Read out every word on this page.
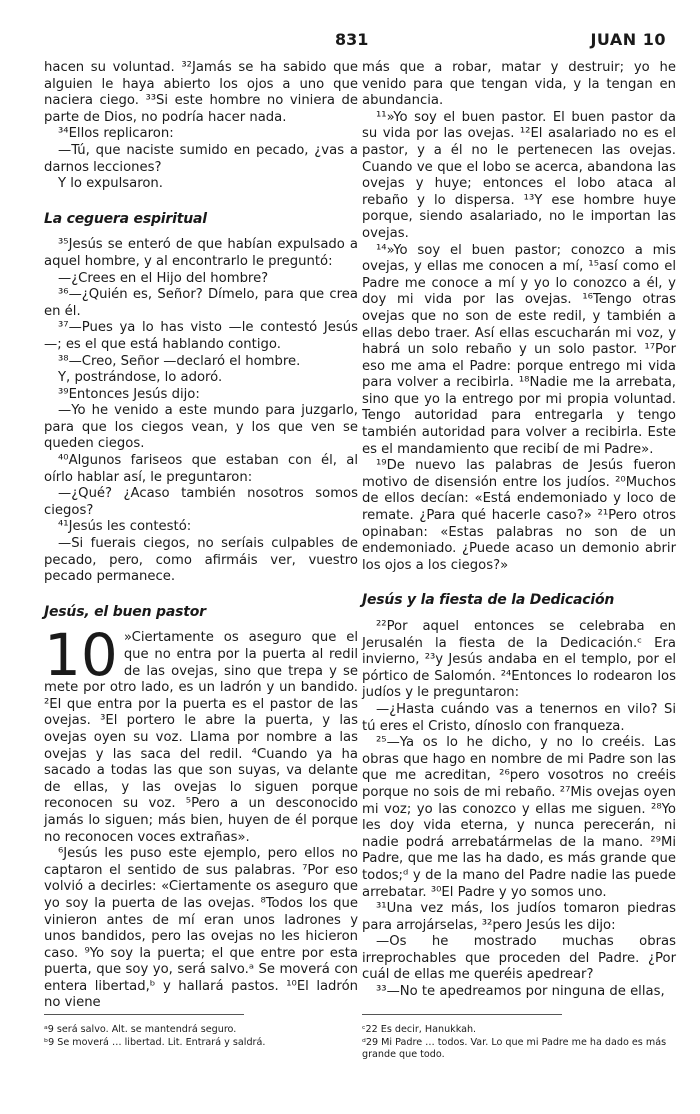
831	JUAN 10

hacen su voluntad. ³²Jamás se ha sabido que alguien le haya abierto los ojos a uno que naciera ciego. ³³Si este hombre no viniera de parte de Dios, no podría hacer nada.

³⁴Ellos replicaron:

—Tú, que naciste sumido en pecado, ¿vas a darnos lecciones?

Y lo expulsaron.

La ceguera espiritual

³⁵Jesús se enteró de que habían expulsado a aquel hombre, y al encontrarlo le preguntó:

—¿Crees en el Hijo del hombre?

³⁶—¿Quién es, Señor? Dímelo, para que crea en él.

³⁷—Pues ya lo has visto —le contestó Jesús—; es el que está hablando contigo.

³⁸—Creo, Señor —declaró el hombre.

Y, postrándose, lo adoró.

³⁹Entonces Jesús dijo:

—Yo he venido a este mundo para juzgarlo, para que los ciegos vean, y los que ven se queden ciegos.

⁴⁰Algunos fariseos que estaban con él, al oírlo hablar así, le preguntaron:

—¿Qué? ¿Acaso también nosotros somos ciegos?

⁴¹Jesús les contestó:

—Si fuerais ciegos, no seríais culpables de pecado, pero, como afirmáis ver, vuestro pecado permanece.

Jesús, el buen pastor

10 »Ciertamente os aseguro que el que no entra por la puerta al redil de las ovejas, sino que trepa y se mete por otro lado, es un ladrón y un bandido. ²El que entra por la puerta es el pastor de las ovejas. ³El portero le abre la puerta, y las ovejas oyen su voz. Llama por nombre a las ovejas y las saca del redil. ⁴Cuando ya ha sacado a todas las que son suyas, va delante de ellas, y las ovejas lo siguen porque reconocen su voz. ⁵Pero a un desconocido jamás lo siguen; más bien, huyen de él porque no reconocen voces extrañas».

⁶Jesús les puso este ejemplo, pero ellos no captaron el sentido de sus palabras. ⁷Por eso volvió a decirles: «Ciertamente os aseguro que yo soy la puerta de las ovejas. ⁸Todos los que vinieron antes de mí eran unos ladrones y unos bandidos, pero las ovejas no les hicieron caso. ⁹Yo soy la puerta; el que entre por esta puerta, que soy yo, será salvo.ᵃ Se moverá con entera libertad,ᵇ y hallará pastos. ¹⁰El ladrón no viene

más que a robar, matar y destruir; yo he venido para que tengan vida, y la tengan en abundancia.

¹¹»Yo soy el buen pastor. El buen pastor da su vida por las ovejas. ¹²El asalariado no es el pastor, y a él no le pertenecen las ovejas. Cuando ve que el lobo se acerca, abandona las ovejas y huye; entonces el lobo ataca al rebaño y lo dispersa. ¹³Y ese hombre huye porque, siendo asalariado, no le importan las ovejas.

¹⁴»Yo soy el buen pastor; conozco a mis ovejas, y ellas me conocen a mí, ¹⁵así como el Padre me conoce a mí y yo lo conozco a él, y doy mi vida por las ovejas. ¹⁶Tengo otras ovejas que no son de este redil, y también a ellas debo traer. Así ellas escucharán mi voz, y habrá un solo rebaño y un solo pastor. ¹⁷Por eso me ama el Padre: porque entrego mi vida para volver a recibirla. ¹⁸Nadie me la arrebata, sino que yo la entrego por mi propia voluntad. Tengo autoridad para entregarla y tengo también autoridad para volver a recibirla. Este es el mandamiento que recibí de mi Padre».

¹⁹De nuevo las palabras de Jesús fueron motivo de disensión entre los judíos. ²⁰Muchos de ellos decían: «Está endemoniado y loco de remate. ¿Para qué hacerle caso?» ²¹Pero otros opinaban: «Estas palabras no son de un endemoniado. ¿Puede acaso un demonio abrir los ojos a los ciegos?»

Jesús y la fiesta de la Dedicación

²²Por aquel entonces se celebraba en Jerusalén la fiesta de la Dedicación.ᶜ Era invierno, ²³y Jesús andaba en el templo, por el pórtico de Salomón. ²⁴Entonces lo rodearon los judíos y le preguntaron:

—¿Hasta cuándo vas a tenernos en vilo? Si tú eres el Cristo, dínoslo con franqueza.

²⁵—Ya os lo he dicho, y no lo creéis. Las obras que hago en nombre de mi Padre son las que me acreditan, ²⁶pero vosotros no creéis porque no sois de mi rebaño. ²⁷Mis ovejas oyen mi voz; yo las conozco y ellas me siguen. ²⁸Yo les doy vida eterna, y nunca perecerán, ni nadie podrá arrebatármelas de la mano. ²⁹Mi Padre, que me las ha dado, es más grande que todos;ᵈ y de la mano del Padre nadie las puede arrebatar. ³⁰El Padre y yo somos uno.

³¹Una vez más, los judíos tomaron piedras para arrojárselas, ³²pero Jesús les dijo:

—Os he mostrado muchas obras irreprochables que proceden del Padre. ¿Por cuál de ellas me queréis apedrear?

³³—No te apedreamos por ninguna de ellas,

ᵃ9 será salvo. Alt. se mantendrá seguro.

ᵇ9 Se moverá … libertad. Lit. Entrará y saldrá.

ᶜ22 Es decir, Hanukkah.

ᵈ29 Mi Padre … todos. Var. Lo que mi Padre me ha dado es más grande que todo.
